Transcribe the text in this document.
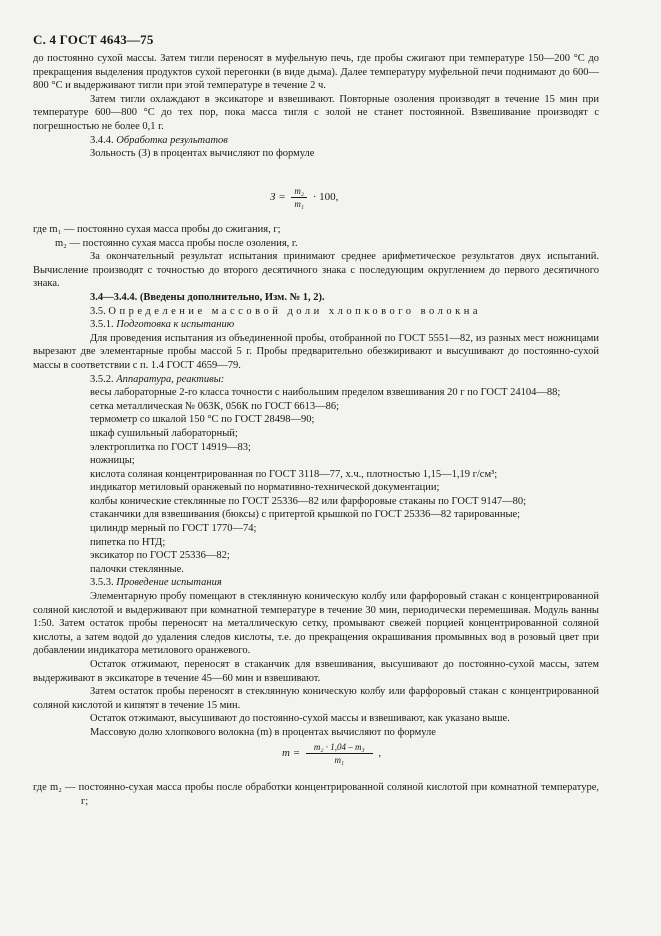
С. 4 ГОСТ 4643—75

до постоянно сухой массы. Затем тигли переносят в муфельную печь, где пробы сжигают при температуре 150—200 °С до прекращения выделения продуктов сухой перегонки (в виде дыма). Далее температуру муфельной печи поднимают до 600—800 °С и выдерживают тигли при этой температуре в течение 2 ч.

Затем тигли охлаждают в эксикаторе и взвешивают. Повторные озоления производят в течение 15 мин при температуре 600—800 °С до тех пор, пока масса тигля с золой не станет постоянной. Взвешивание производят с погрешностью не более 0,1 г.

3.4.4. Обработка результатов

Зольность (З) в процентах вычисляют по формуле

$З = \frac{\text{m₂}}{\text{m₁}} \cdot 100$,

где m₁ — постоянно сухая масса пробы до сжигания, г;

m₂ — постоянно сухая масса пробы после озоления, г.

За окончательный результат испытания принимают среднее арифметическое результатов двух испытаний. Вычисление производят с точностью до второго десятичного знака с последующим округлением до первого десятичного знака.

3.4—3.4.4. (Введены дополнительно, Изм. № 1, 2).

3.5. Определение массовой доли хлопкового волокна

3.5.1. Подготовка к испытанию

Для проведения испытания из объединенной пробы, отобранной по ГОСТ 5551—82, из разных мест ножницами вырезают две элементарные пробы массой 5 г. Пробы предварительно обезжиривают и высушивают до постоянно-сухой массы в соответствии с п. 1.4 ГОСТ 4659—79.

3.5.2. Аппаратура, реактивы:

весы лабораторные 2-го класса точности с наибольшим пределом взвешивания 20 г по ГОСТ 24104—88;

сетка металлическая № 063К, 056К по ГОСТ 6613—86;

термометр со шкалой 150 °С по ГОСТ 28498—90;

шкаф сушильный лабораторный;

электроплитка по ГОСТ 14919—83;

ножницы;

кислота соляная концентрированная по ГОСТ 3118—77, х.ч., плотностью 1,15—1,19 г/см³;

индикатор метиловый оранжевый по нормативно-технической документации;

колбы конические стеклянные по ГОСТ 25336—82 или фарфоровые стаканы по ГОСТ 9147—80;

стаканчики для взвешивания (бюксы) с притертой крышкой по ГОСТ 25336—82 тарированные;

цилиндр мерный по ГОСТ 1770—74;

пипетка по НТД;

эксикатор по ГОСТ 25336—82;

палочки стеклянные.

3.5.3. Проведение испытания

Элементарную пробу помещают в стеклянную коническую колбу или фарфоровый стакан с концентрированной соляной кислотой и выдерживают при комнатной температуре в течение 30 мин, периодически перемешивая. Модуль ванны 1:50. Затем остаток пробы переносят на металлическую сетку, промывают свежей порцией концентрированной соляной кислоты, а затем водой до удаления следов кислоты, т.е. до прекращения окрашивания промывных вод в розовый цвет при добавлении индикатора метилового оранжевого.

Остаток отжимают, переносят в стаканчик для взвешивания, высушивают до постоянно-сухой массы, затем выдерживают в эксикаторе в течение 45—60 мин и взвешивают.

Затем остаток пробы переносят в стеклянную коническую колбу или фарфоровый стакан с концентрированной соляной кислотой и кипятят в течение 15 мин.

Остаток отжимают, высушивают до постоянно-сухой массы и взвешивают, как указано выше.

Массовую долю хлопкового волокна (m) в процентах вычисляют по формуле

$m = \frac{\text{m₂ · 1,04 – m₃}}{\text{m₁}}$ ,

где m₂ — постоянно-сухая масса пробы после обработки концентрированной соляной кислотой при комнатной температуре, г;
